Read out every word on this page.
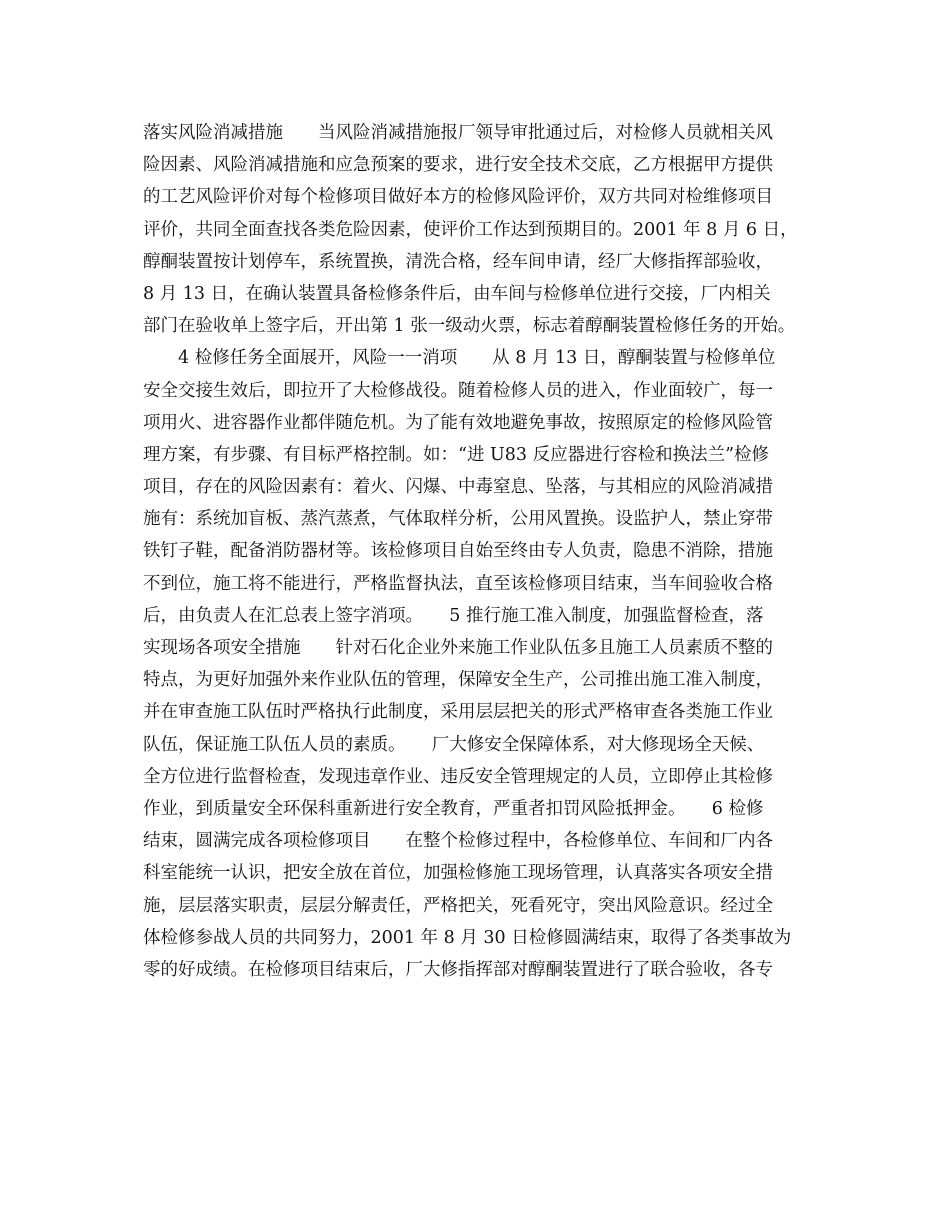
落实风险消减措施　　当风险消减措施报厂领导审批通过后，对检修人员就相关风
险因素、风险消减措施和应急预案的要求，进行安全技术交底，乙方根据甲方提供
的工艺风险评价对每个检修项目做好本方的检修风险评价，双方共同对检维修项目
评价，共同全面查找各类危险因素，使评价工作达到预期目的。2001 年 8 月 6 日，
醇酮装置按计划停车，系统置换，清洗合格，经车间申请，经厂大修指挥部验收，
8 月 13 日，在确认装置具备检修条件后，由车间与检修单位进行交接，厂内相关
部门在验收单上签字后，开出第 1 张一级动火票，标志着醇酮装置检修任务的开始。
　　4 检修任务全面展开，风险一一消项　　从 8 月 13 日，醇酮装置与检修单位
安全交接生效后，即拉开了大检修战役。随着检修人员的进入，作业面较广，每一
项用火、进容器作业都伴随危机。为了能有效地避免事故，按照原定的检修风险管
理方案，有步骤、有目标严格控制。如：“进 U83 反应器进行容检和换法兰”检修
项目，存在的风险因素有：着火、闪爆、中毒窒息、坠落，与其相应的风险消减措
施有：系统加盲板、蒸汽蒸煮，气体取样分析，公用风置换。设监护人，禁止穿带
铁钉子鞋，配备消防器材等。该检修项目自始至终由专人负责，隐患不消除，措施
不到位，施工将不能进行，严格监督执法，直至该检修项目结束，当车间验收合格
后，由负责人在汇总表上签字消项。　　5 推行施工准入制度，加强监督检查，落
实现场各项安全措施　　针对石化企业外来施工作业队伍多且施工人员素质不整的
特点，为更好加强外来作业队伍的管理，保障安全生产，公司推出施工准入制度，
并在审查施工队伍时严格执行此制度，采用层层把关的形式严格审查各类施工作业
队伍，保证施工队伍人员的素质。　　厂大修安全保障体系，对大修现场全天候、
全方位进行监督检查，发现违章作业、违反安全管理规定的人员，立即停止其检修
作业，到质量安全环保科重新进行安全教育，严重者扣罚风险抵押金。　　6 检修
结束，圆满完成各项检修项目　　在整个检修过程中，各检修单位、车间和厂内各
科室能统一认识，把安全放在首位，加强检修施工现场管理，认真落实各项安全措
施，层层落实职责，层层分解责任，严格把关，死看死守，突出风险意识。经过全
体检修参战人员的共同努力，2001 年 8 月 30 日检修圆满结束，取得了各类事故为
零的好成绩。在检修项目结束后，厂大修指挥部对醇酮装置进行了联合验收，各专
